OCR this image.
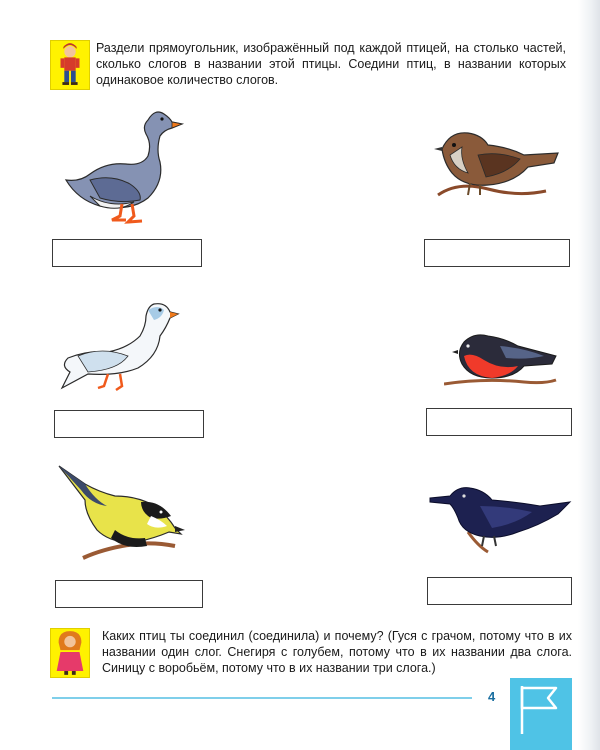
Раздели прямоугольник, изображённый под каждой птицей, на столько частей, сколько слогов в названии этой птицы. Соедини птиц, в названии которых одинаковое количество слогов.

Каких птиц ты соединил (соединила) и почему? (Гуся с грачом, потому что в их названии один слог. Снегиря с голубем, потому что в их названии два слога. Синицу с воробьём, потому что в их названии три слога.)

4
